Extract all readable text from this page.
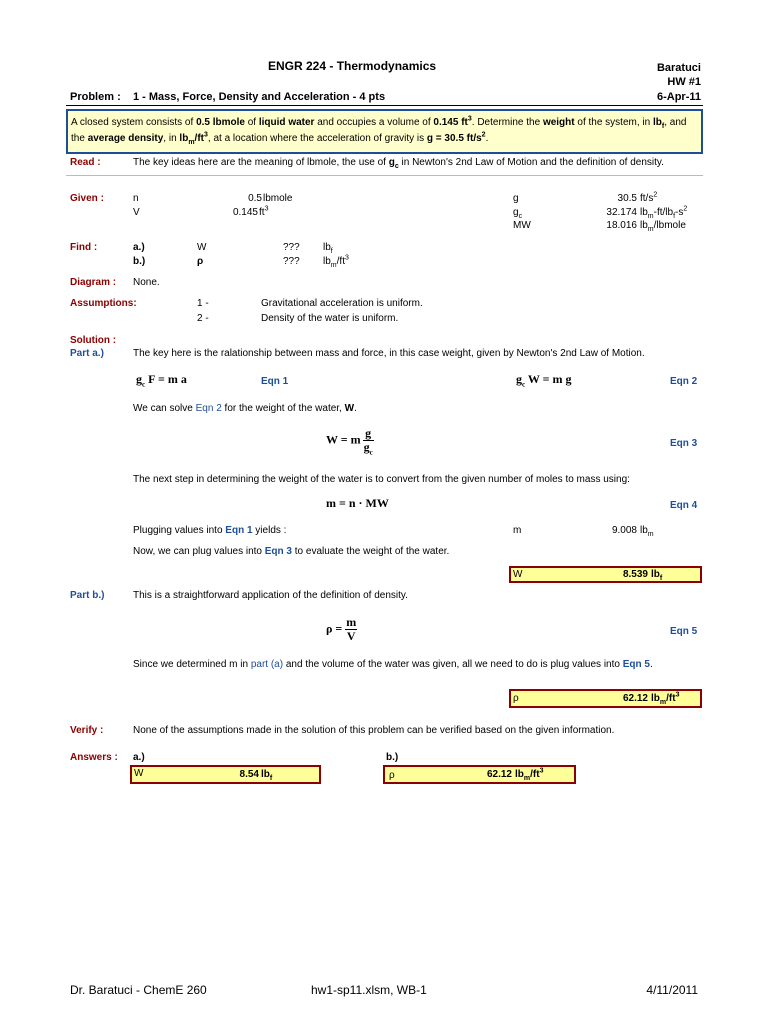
ENGR 224 - Thermodynamics	Baratuci
HW #1
Problem : 1 - Mass, Force, Density and Acceleration - 4 pts	6-Apr-11
A closed system consists of 0.5 lbmole of liquid water and occupies a volume of 0.145 $ft^3$. Determine the weight of the system, in $lb_f$, and the average density, in $lb_m/ft^3$, at a location where the acceleration of gravity is g = 30.5 $ft/s^2$.
Read :	The key ideas here are the meaning of lbmole, the use of $g_c$ in Newton's 2nd Law of Motion and the definition of density.
Given :	n	0.5 lbmole
V	0.145 $ft^3$
g	30.5 $ft/s^2$
$g_c$	32.174 $lb_m-ft/lb_f-s^2$
MW	18.016 $lb_m$/lbmole
Find :	a.)	W	??? $lb_f$
b.)	ρ	??? $lb_m/ft^3$
Diagram : None.
Assumptions:	1 -	Gravitational acceleration is uniform.
2 -	Density of the water is uniform.
Solution :
Part a.)	The key here is the ralationship between mass and force, in this case weight, given by Newton's 2nd Law of Motion.
$g_c$ F = m a	Eqn 1	$g_c$ W = m g	Eqn 2
We can solve Eqn 2 for the weight of the water, W.
W = m $\frac{g}{g_c}$	Eqn 3
The next step in determining the weight of the water is to convert from the given number of moles to mass using:
m = n · MW	Eqn 4
Plugging values into Eqn 1 yields :	m	9.008 $lb_m$
Now, we can plug values into Eqn 3 to evaluate the weight of the water.
W	8.539 $lb_f$
Part b.)	This is a straightforward application of the definition of density.
$\rho = \frac{m}{V}$	Eqn 5
Since we determined m in part (a) and the volume of the water was given, all we need to do is plug values into Eqn 5.
ρ	62.12 $lb_m/ft^3$
Verify :	None of the assumptions made in the solution of this problem can be verified based on the given information.
Answers : a.)	b.)
W	8.54 $lb_f$	ρ	62.12 $lb_m/ft^3$
Dr. Baratuci - ChemE 260	hw1-sp11.xlsm, WB-1	4/11/2011
